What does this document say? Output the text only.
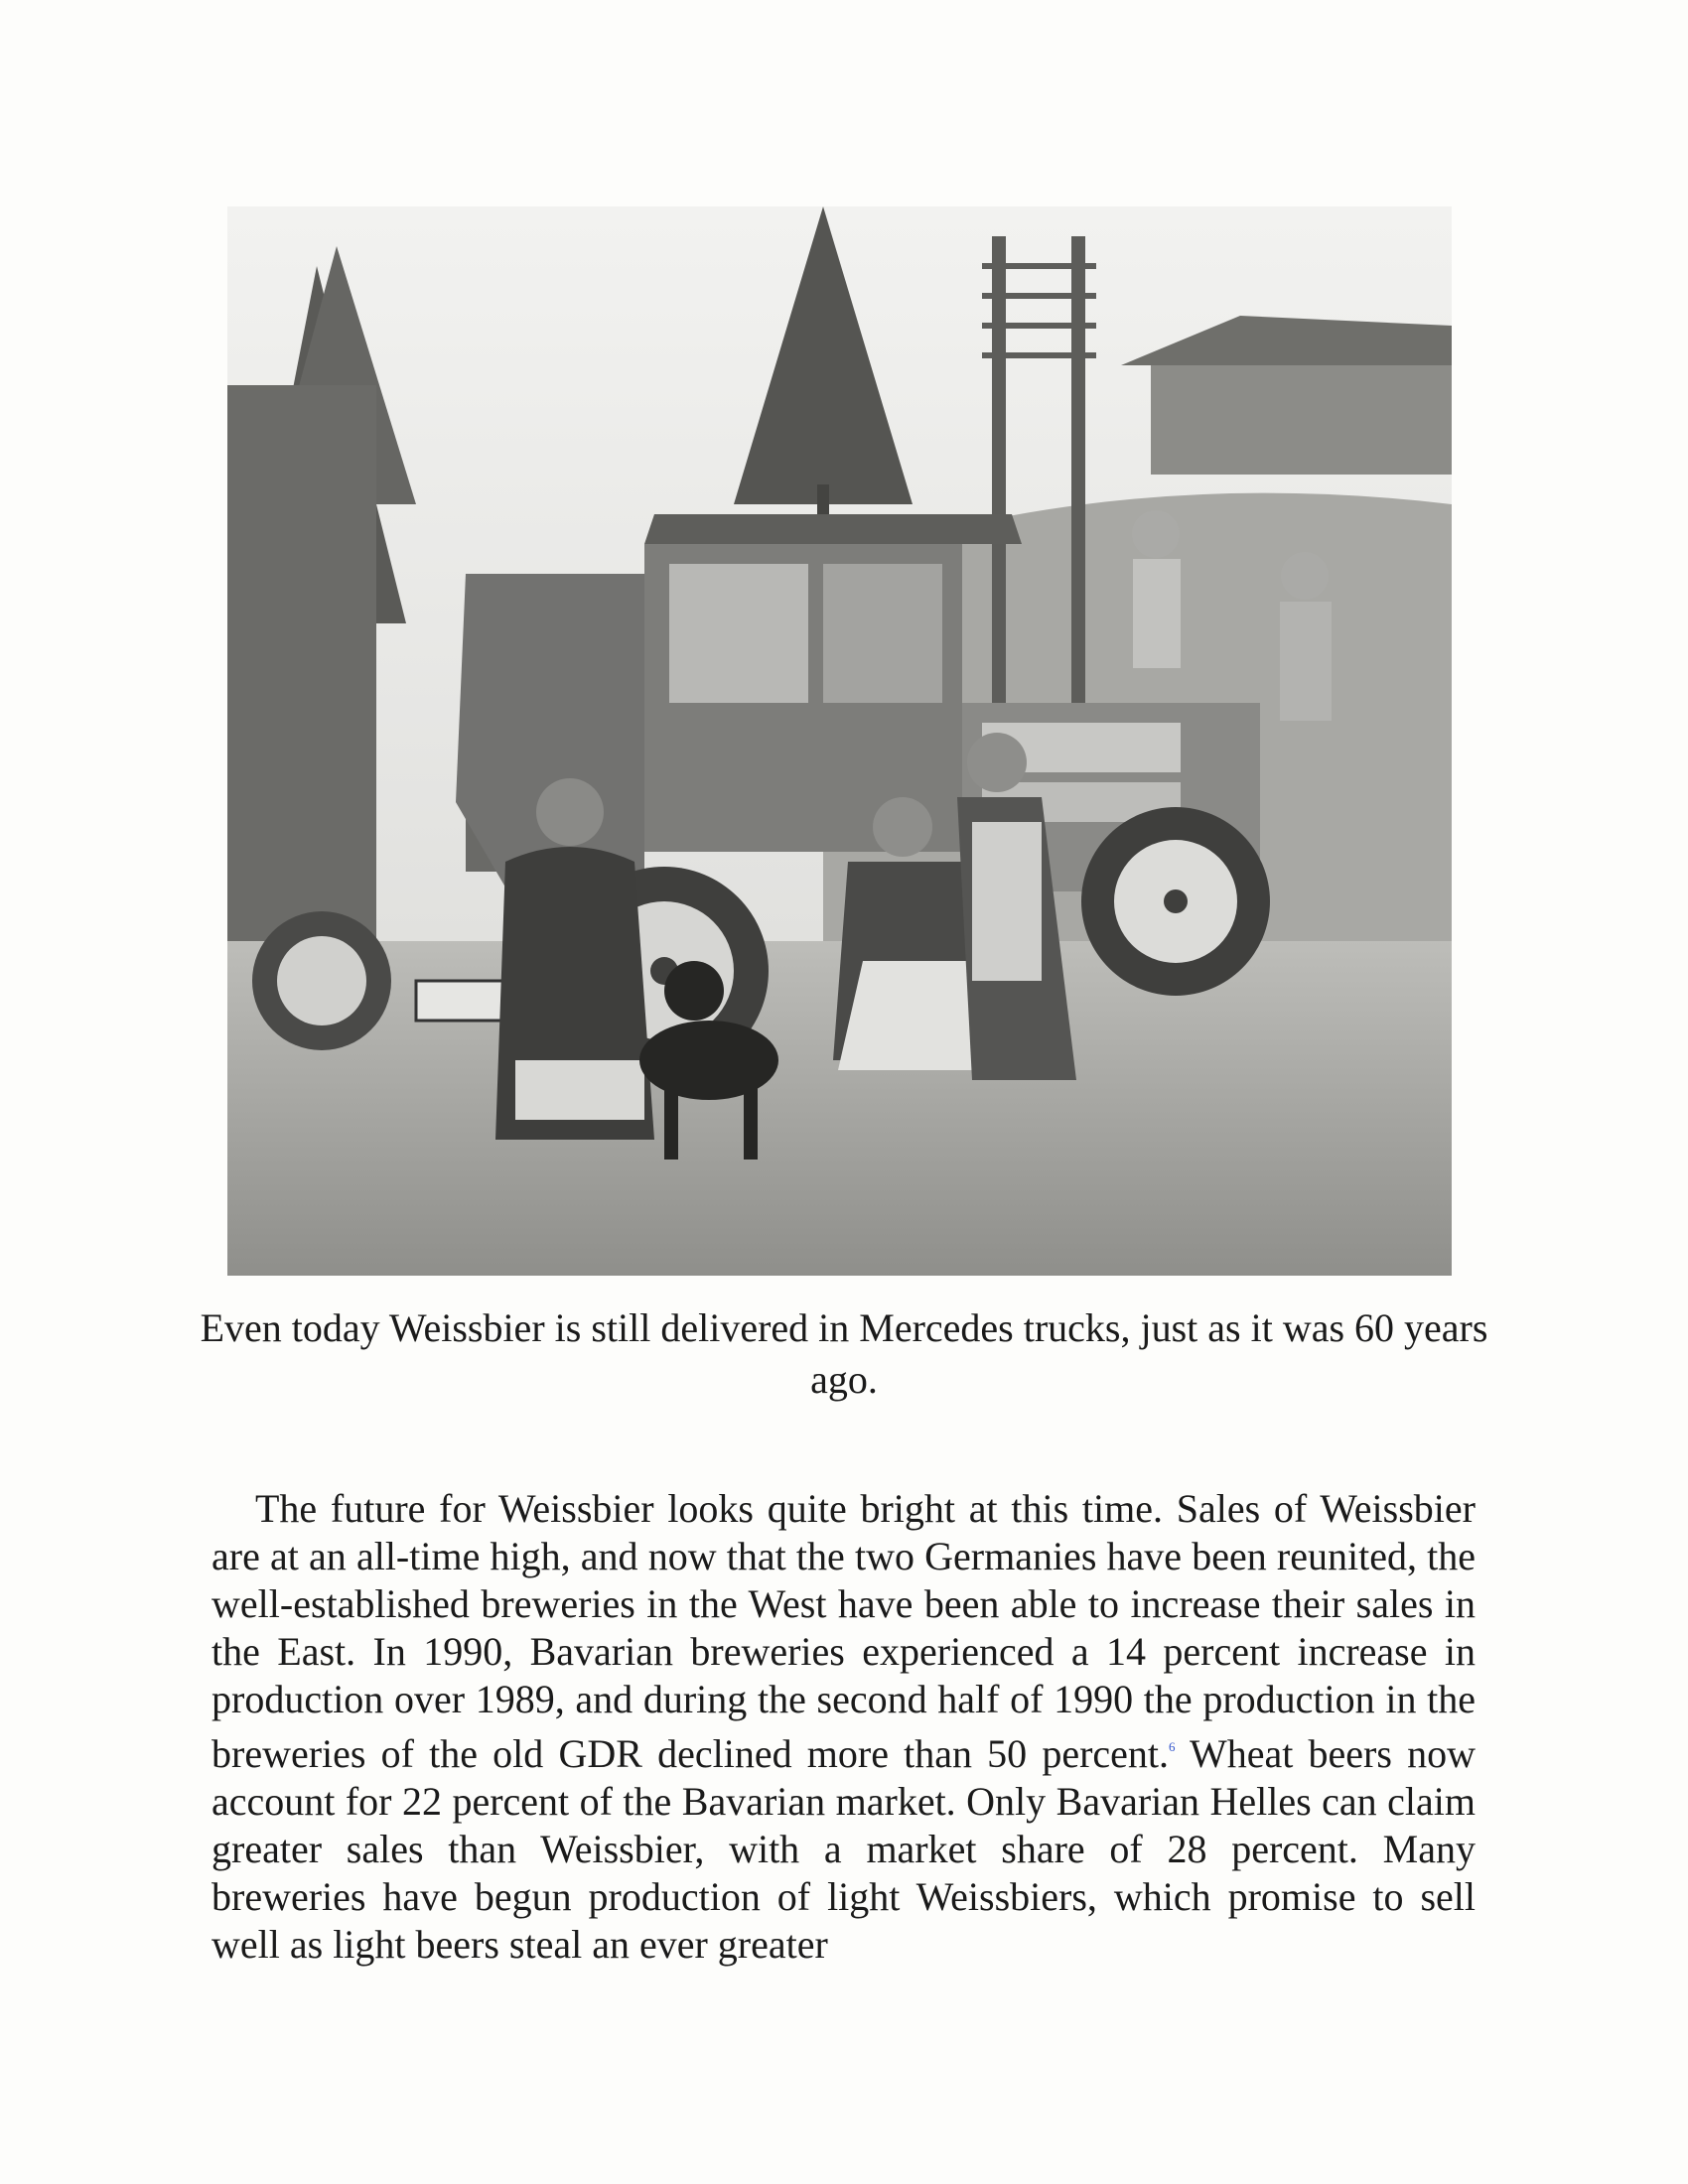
Even today Weissbier is still delivered in Mercedes trucks, just as it was 60 years ago.

The future for Weissbier looks quite bright at this time. Sales of Weissbier are at an all-time high, and now that the two Germanies have been reunited, the well-established breweries in the West have been able to increase their sales in the East. In 1990, Bavarian breweries experienced a 14 percent increase in production over 1989, and during the second half of 1990 the production in the breweries of the old GDR declined more than 50 percent.$^6$ Wheat beers now account for 22 percent of the Bavarian market. Only Bavarian Helles can claim greater sales than Weissbier, with a market share of 28 percent. Many breweries have begun production of light Weissbiers, which promise to sell well as light beers steal an ever greater
